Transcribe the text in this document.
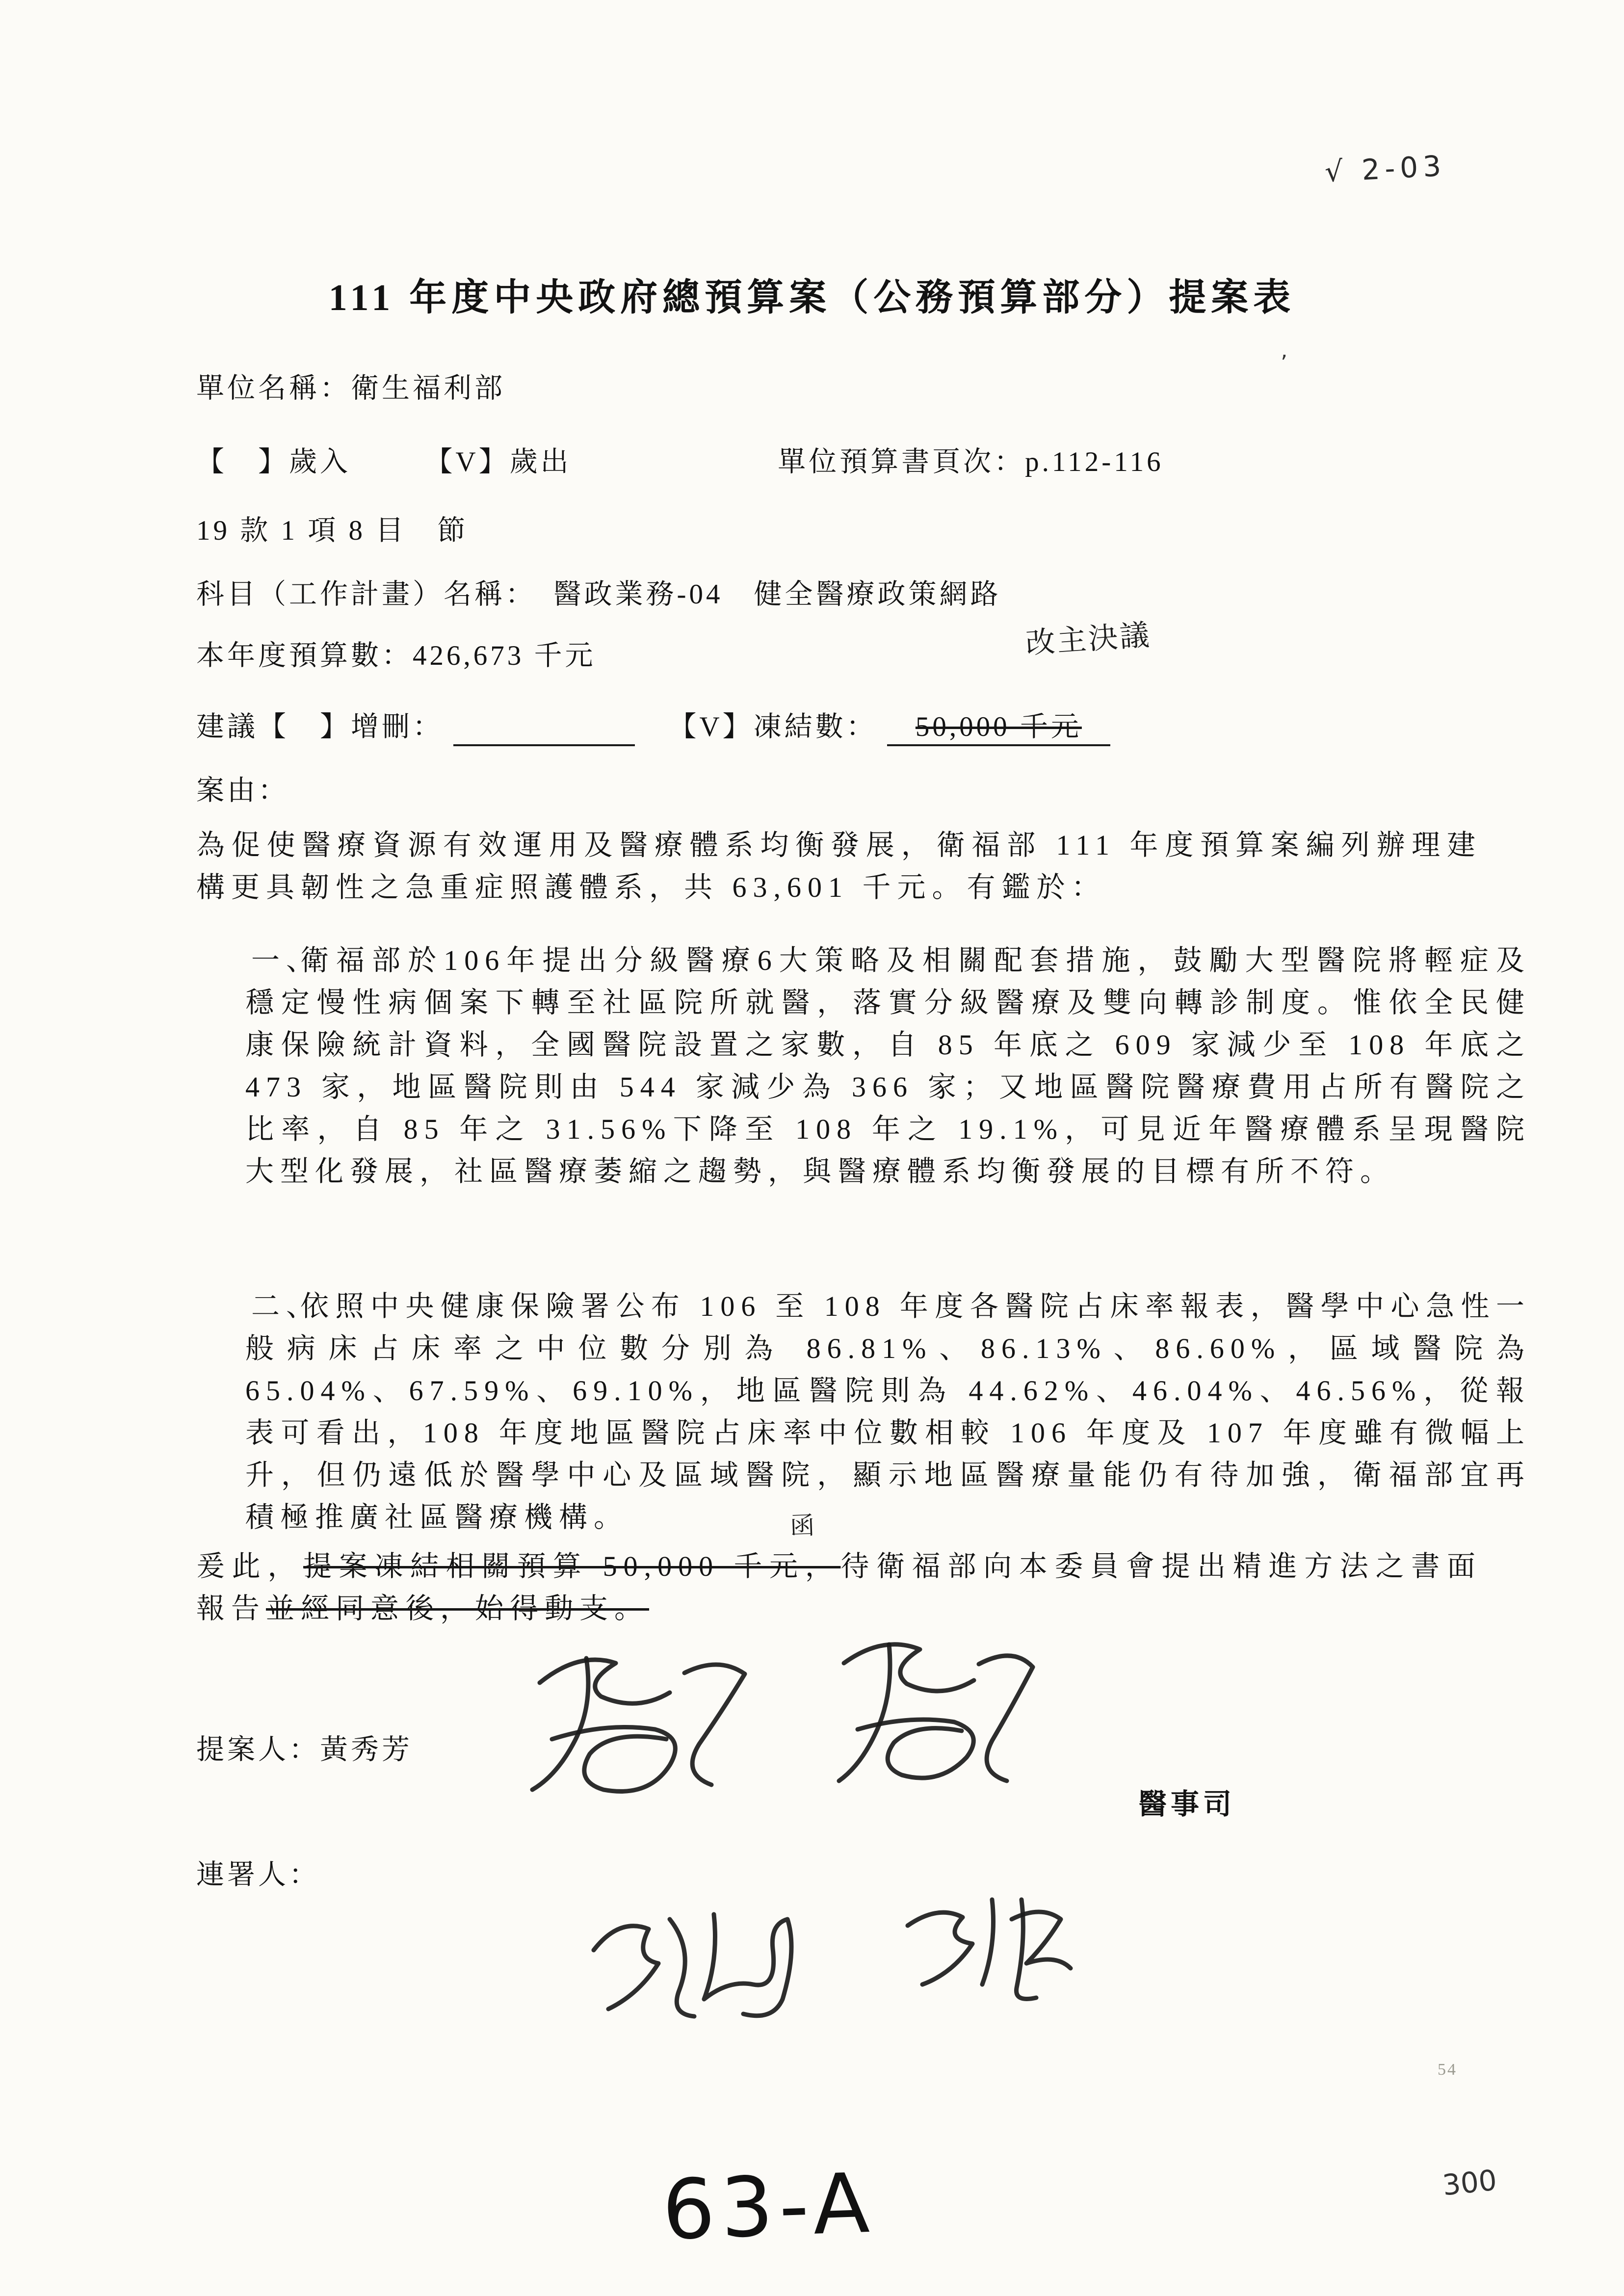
√ 2-03
111 年度中央政府總預算案（公務預算部分）提案表
’
單位名稱：衛生福利部
【　】歲入	【V】歲出	單位預算書頁次：p.112-116
19 款 1 項 8 目　節
科目（工作計畫）名稱：　醫政業務-04　健全醫療政策網路
本年度預算數：426,673 千元	改主決議
建議【　】增刪：	【V】凍結數： 50,000 千元
案由：
為促使醫療資源有效運用及醫療體系均衡發展，衛福部 111 年度預算案編列辦理建構更具韌性之急重症照護體系，共 63,601 千元。有鑑於：
一、
衛福部於106年提出分級醫療6大策略及相關配套措施，鼓勵大型醫院將輕症及穩定慢性病個案下轉至社區院所就醫，落實分級醫療及雙向轉診制度。惟依全民健康保險統計資料，全國醫院設置之家數，自 85 年底之 609 家減少至 108 年底之 473 家，地區醫院則由 544 家減少為 366 家；又地區醫院醫療費用占所有醫院之比率，自 85 年之 31.56%下降至 108 年之 19.1%，可見近年醫療體系呈現醫院大型化發展，社區醫療萎縮之趨勢，與醫療體系均衡發展的目標有所不符。
二、
依照中央健康保險署公布 106 至 108 年度各醫院占床率報表，醫學中心急性一般病床占床率之中位數分別為 86.81%、86.13%、86.60%，區域醫院為 65.04%、67.59%、69.10%，地區醫院則為 44.62%、46.04%、46.56%，從報表可看出，108 年度地區醫院占床率中位數相較 106 年度及 107 年度雖有微幅上升，但仍遠低於醫學中心及區域醫院，顯示地區醫療量能仍有待加強，衛福部宜再積極推廣社區醫療機構。	函
爰此，提案凍結相關預算 50,000 千元，待衛福部向本委員會提出精進方法之書面報告並經同意後，始得動支。
提案人：黃秀芳
醫事司
連署人：
54
63-A	300
